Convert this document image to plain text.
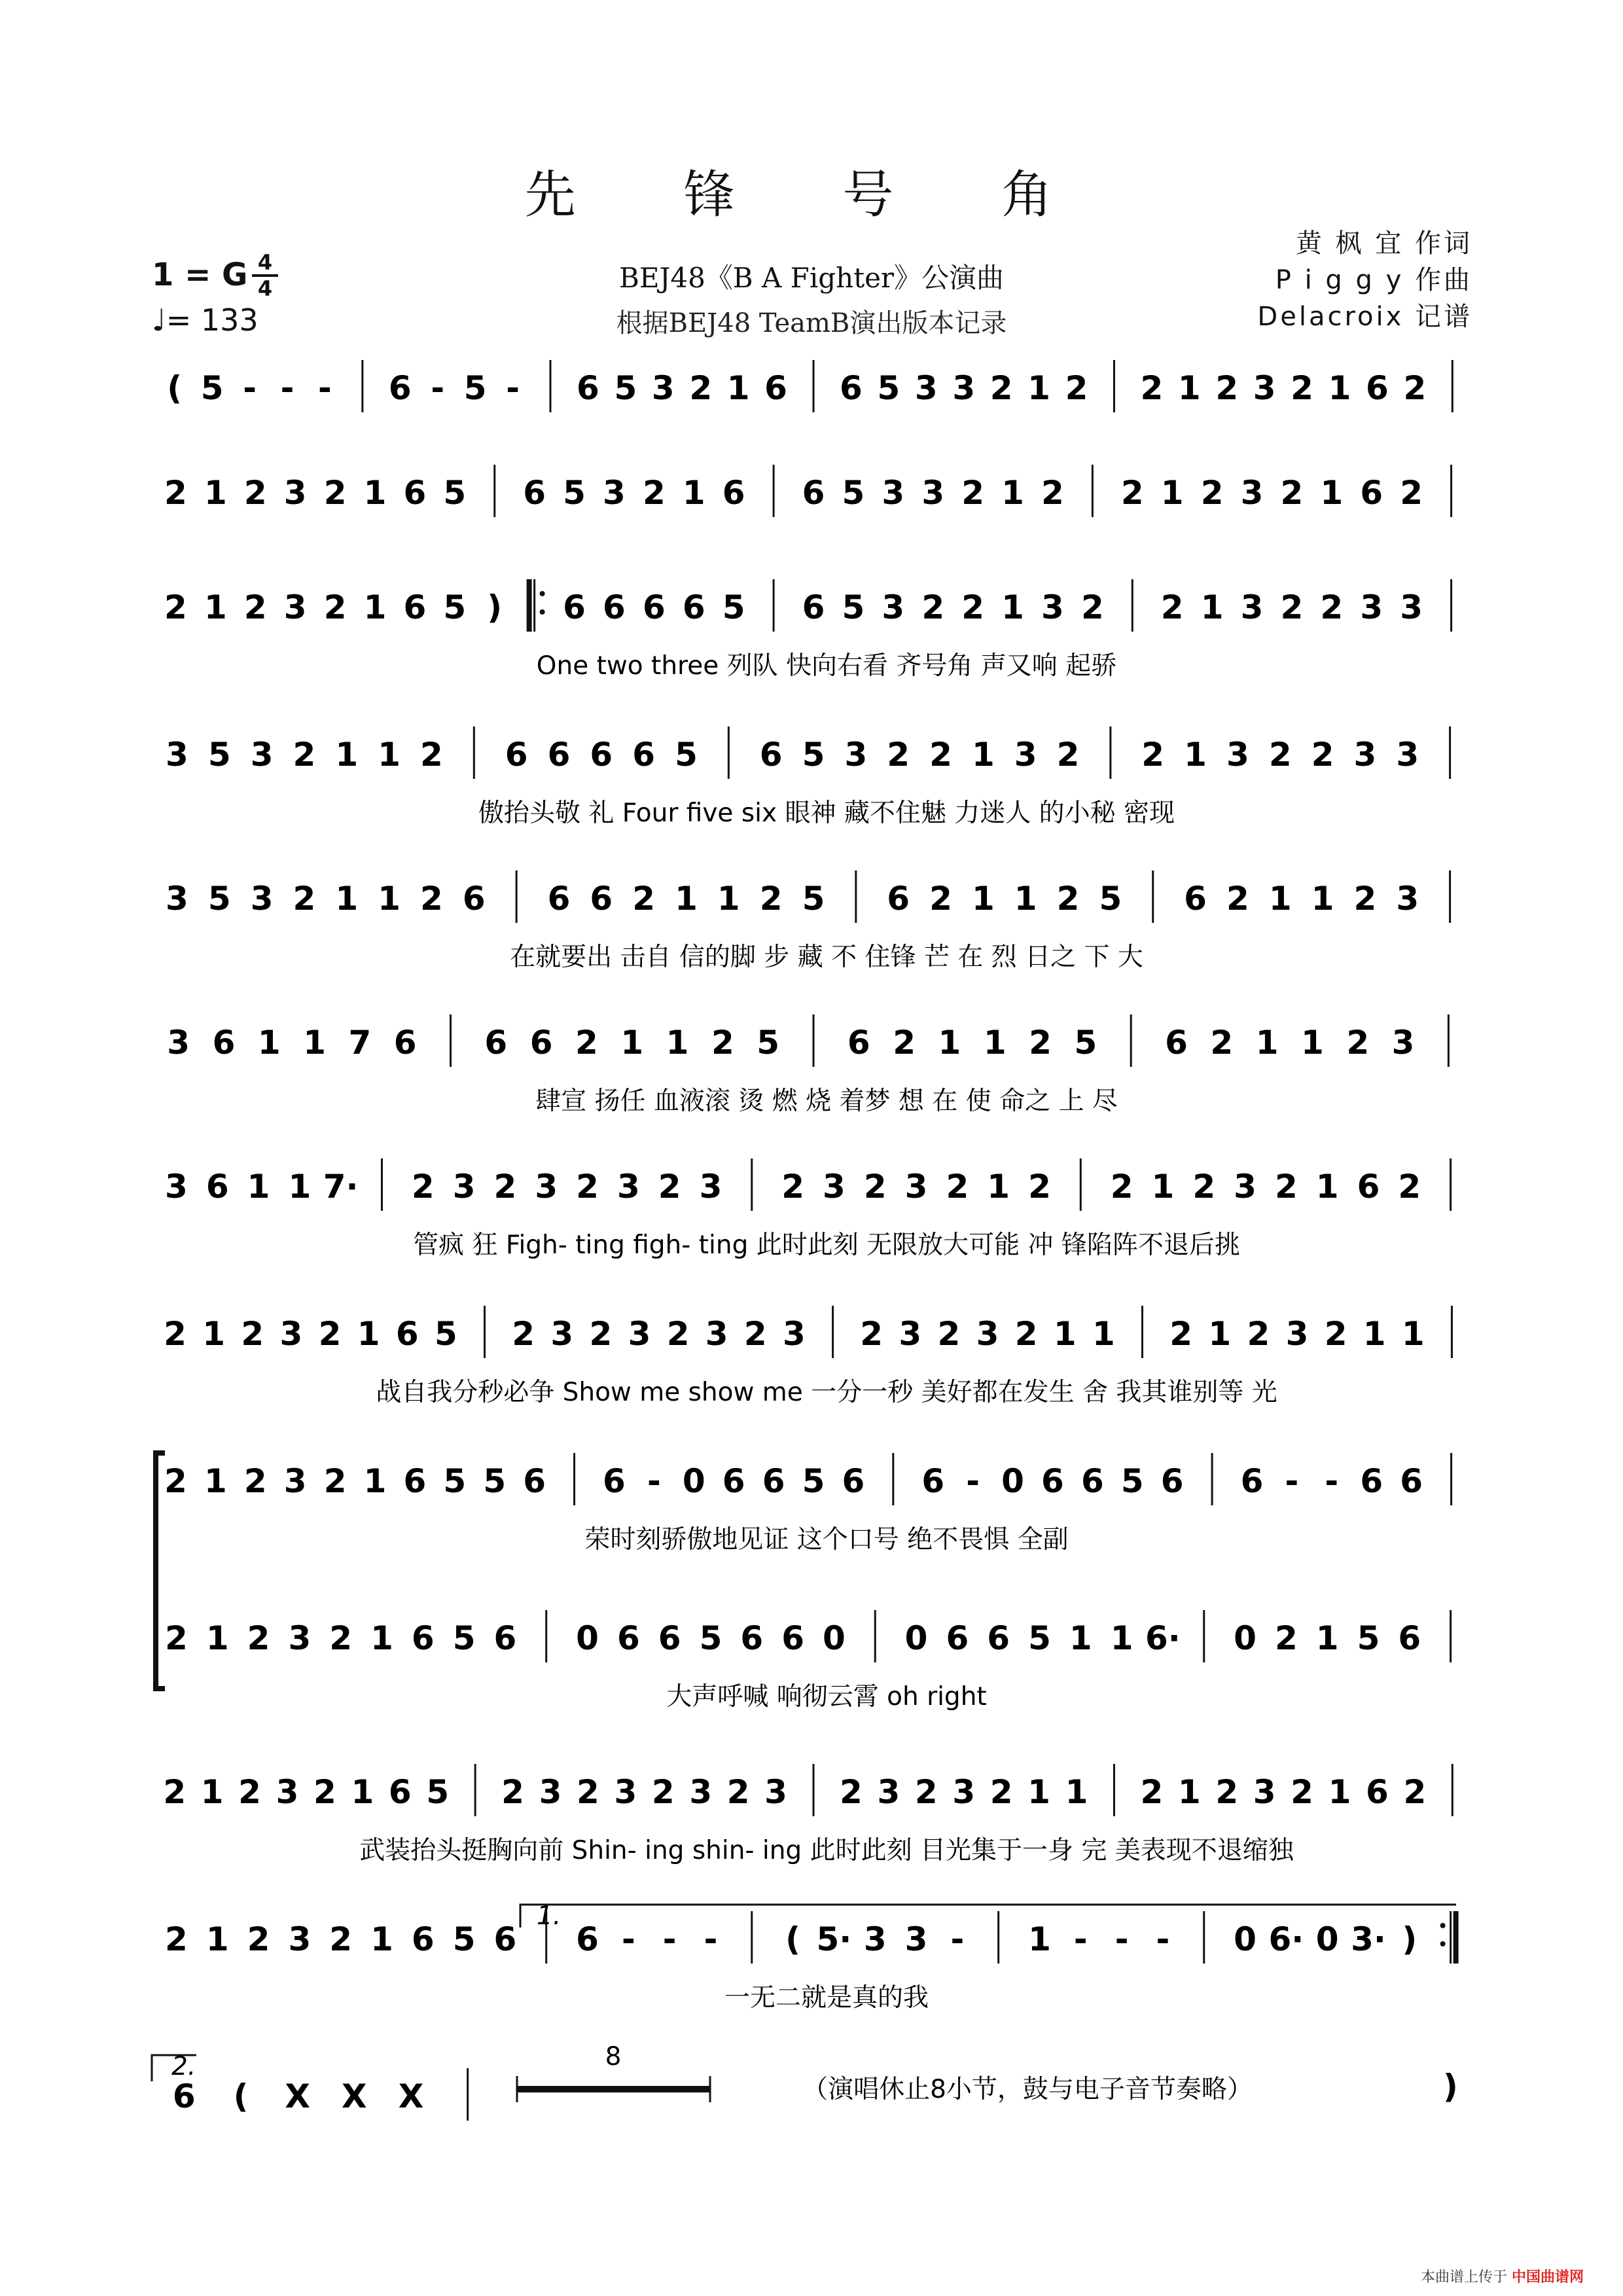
先 锋 号 角
1 = G 4
4
♩= 133
BEJ48《B A Fighter》公演曲
根据BEJ48 TeamB演出版本记录
黄 枫 宜 作词
P i g g y 作曲
Delacroix 记谱
( 5 - - - 6 - 5 - 6 5 3 2 1 6 6 5 3 3 2 1 2 2 1 2 3 2 1 6 2
2 1 2 3 2 1 6 5 6 5 3 2 1 6 6 5 3 3 2 1 2 2 1 2 3 2 1 6 2
2 1 2 3 2 1 6 5 ) 6 6 6 6 5 6 5 3 2 2 1 3 2 2 1 3 2 2 3 3
One two three 列队 快向右看 齐号角 声又响 起骄
3 5 3 2 1 1 2 6 6 6 6 5 6 5 3 2 2 1 3 2 2 1 3 2 2 3 3
傲抬头敬 礼 Four five six 眼神 藏不住魅 力迷人 的小秘 密现
3 5 3 2 1 1 2 6 6 6 2 1 1 2 5 6 2 1 1 2 5 6 2 1 1 2 3
在就要出 击自 信的脚 步 藏 不 住锋 芒 在 烈 日之 下 大
3 6 1 1 7 6 6 6 2 1 1 2 5 6 2 1 1 2 5 6 2 1 1 2 3
肆宣 扬任 血液滚 烫 燃 烧 着梦 想 在 使 命之 上 尽
3 6 1 1 7· 2 3 2 3 2 3 2 3 2 3 2 3 2 1 2 2 1 2 3 2 1 6 2
管疯 狂 Figh- ting figh- ting 此时此刻 无限放大可能 冲 锋陷阵不退后挑
2 1 2 3 2 1 6 5 2 3 2 3 2 3 2 3 2 3 2 3 2 1 1 2 1 2 3 2 1 1
战自我分秒必争 Show me show me 一分一秒 美好都在发生 舍 我其谁别等 光
2 1 2 3 2 1 6 5 5 6 6 - 0 6 6 5 6 6 - 0 6 6 5 6 6 - - 6 6
荣时刻骄傲地见证 这个口号 绝不畏惧 全副
2 1 2 3 2 1 6 5 6 0 6 6 5 6 6 0 0 6 6 5 1 1 6· 0 2 1 5 6
大声呼喊 响彻云霄 oh right
2 1 2 3 2 1 6 5 2 3 2 3 2 3 2 3 2 3 2 3 2 1 1 2 1 2 3 2 1 6 2
武装抬头挺胸向前 Shin- ing shin- ing 此时此刻 目光集于一身 完 美表现不退缩独
2 1 2 3 2 1 6 5 6 6 - - - ( 5· 3 3 - 1 - - - 0 6· 0 3· )
一无二就是真的我
6 ( X X X
1.
2.	8
（演唱休止8小节，鼓与电子音节奏略）	)
本曲谱上传于 中国曲谱网
